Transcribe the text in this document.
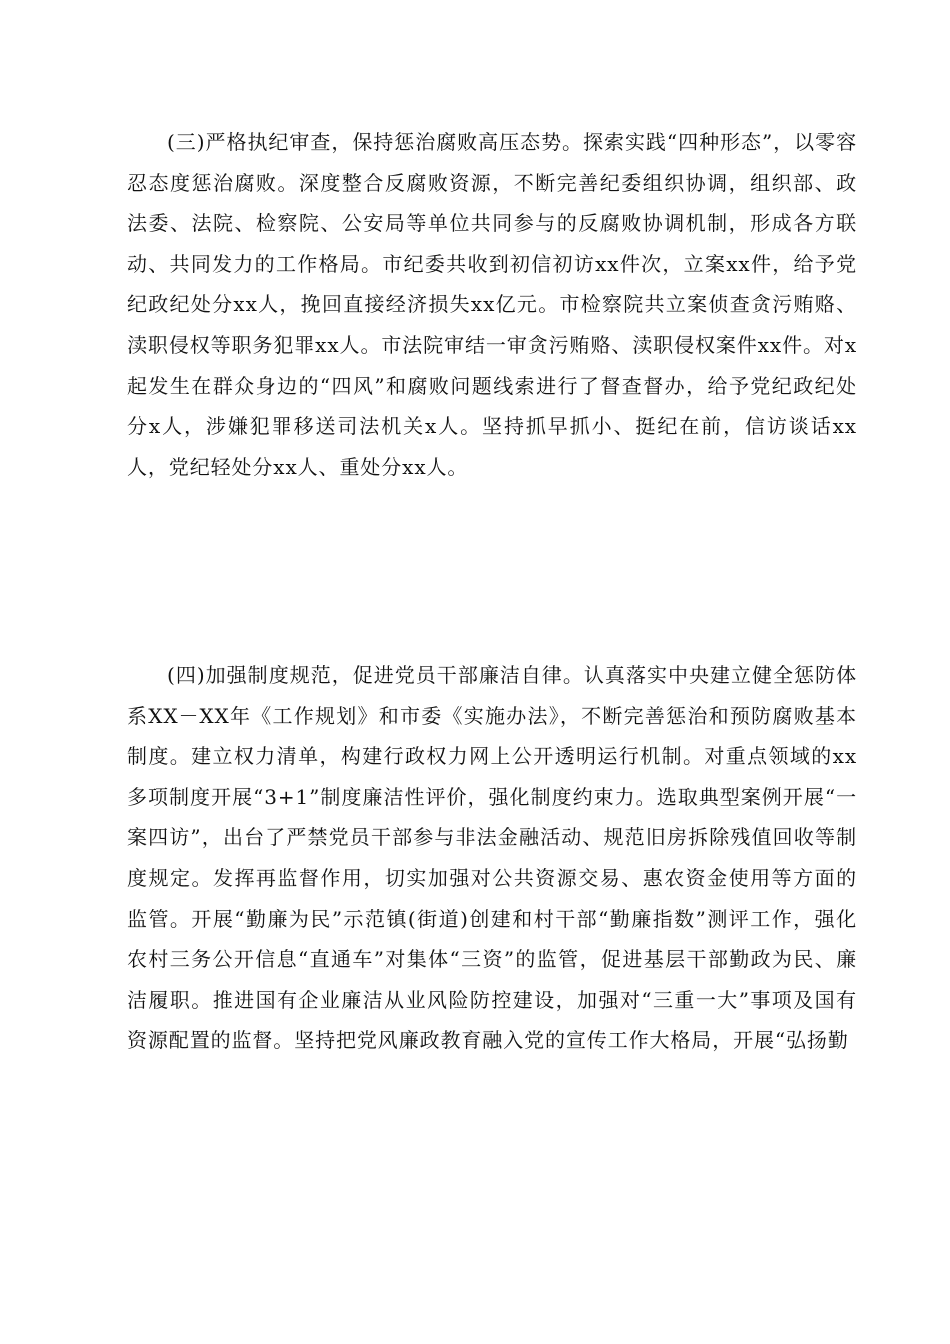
(三)严格执纪审查，保持惩治腐败高压态势。探索实践“四种形态”，以零容忍态度惩治腐败。深度整合反腐败资源，不断完善纪委组织协调，组织部、政法委、法院、检察院、公安局等单位共同参与的反腐败协调机制，形成各方联动、共同发力的工作格局。市纪委共收到初信初访xx件次，立案xx件，给予党纪政纪处分xx人，挽回直接经济损失xx亿元。市检察院共立案侦查贪污贿赂、渎职侵权等职务犯罪xx人。市法院审结一审贪污贿赂、渎职侵权案件xx件。对x起发生在群众身边的“四风”和腐败问题线索进行了督查督办，给予党纪政纪处分x人，涉嫌犯罪移送司法机关x人。坚持抓早抓小、挺纪在前，信访谈话xx人，党纪轻处分xx人、重处分xx人。

(四)加强制度规范，促进党员干部廉洁自律。认真落实中央建立健全惩防体系XX－XX年《工作规划》和市委《实施办法》，不断完善惩治和预防腐败基本制度。建立权力清单，构建行政权力网上公开透明运行机制。对重点领域的xx多项制度开展“3+1”制度廉洁性评价，强化制度约束力。选取典型案例开展“一案四访”，出台了严禁党员干部参与非法金融活动、规范旧房拆除残值回收等制度规定。发挥再监督作用，切实加强对公共资源交易、惠农资金使用等方面的监管。开展“勤廉为民”示范镇(街道)创建和村干部“勤廉指数”测评工作，强化农村三务公开信息“直通车”对集体“三资”的监管，促进基层干部勤政为民、廉洁履职。推进国有企业廉洁从业风险防控建设，加强对“三重一大”事项及国有资源配置的监督。坚持把党风廉政教育融入党的宣传工作大格局，开展“弘扬勤
